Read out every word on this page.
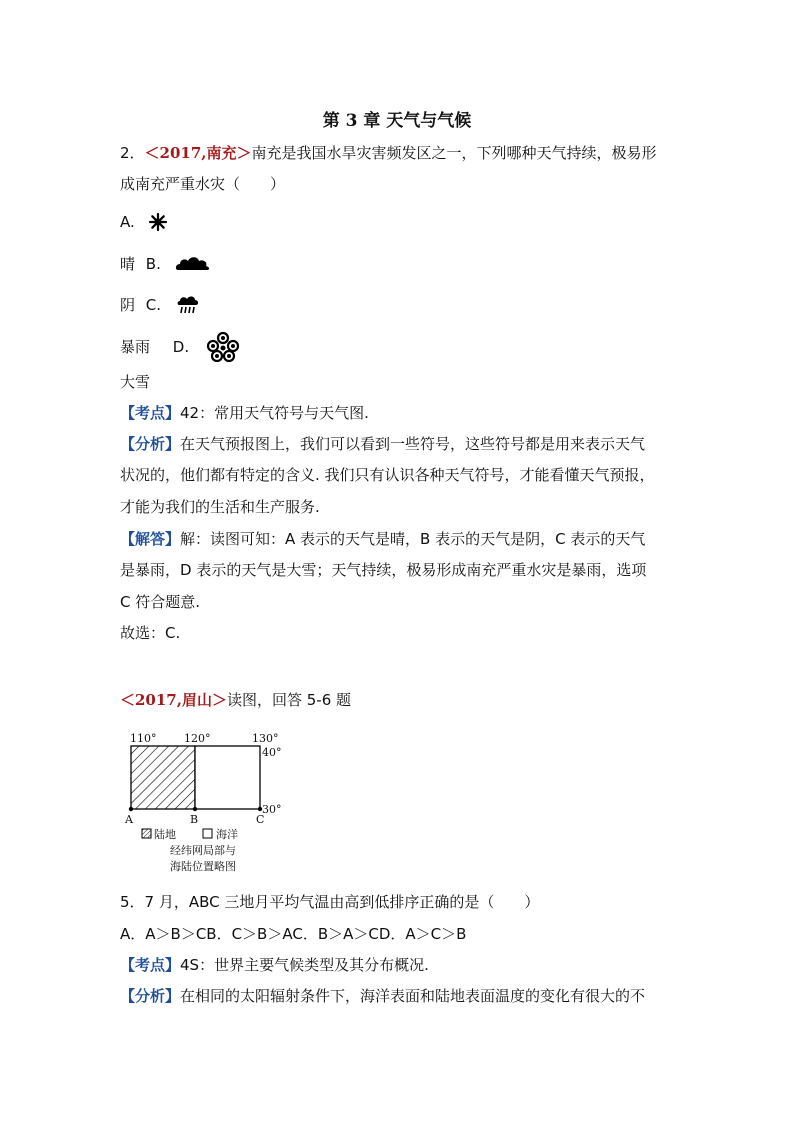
第 3 章 天气与气候
2．＜2017,南充＞南充是我国水旱灾害频发区之一，下列哪种天气持续，极易形
成南充严重水灾（　　）
A.
晴 B.
阴 C.
暴雨 D.
大雪
【考点】42：常用天气符号与天气图.
【分析】在天气预报图上，我们可以看到一些符号，这些符号都是用来表示天气
状况的，他们都有特定的含义. 我们只有认识各种天气符号，才能看懂天气预报，
才能为我们的生活和生产服务.
【解答】解：读图可知：A 表示的天气是晴，B 表示的天气是阴，C 表示的天气
是暴雨，D 表示的天气是大雪；天气持续，极易形成南充严重水灾是暴雨，选项
C 符合题意.
故选：C.
＜2017,眉山＞读图，回答 5-6 题
110°	120°	130°
40°
30°
A	B	C
陆地	海洋
经纬网局部与
海陆位置略图
5．7 月，ABC 三地月平均气温由高到低排序正确的是（　　）
A．A＞B＞CB．C＞B＞AC．B＞A＞CD．A＞C＞B
【考点】4S：世界主要气候类型及其分布概况.
【分析】在相同的太阳辐射条件下，海洋表面和陆地表面温度的变化有很大的不
